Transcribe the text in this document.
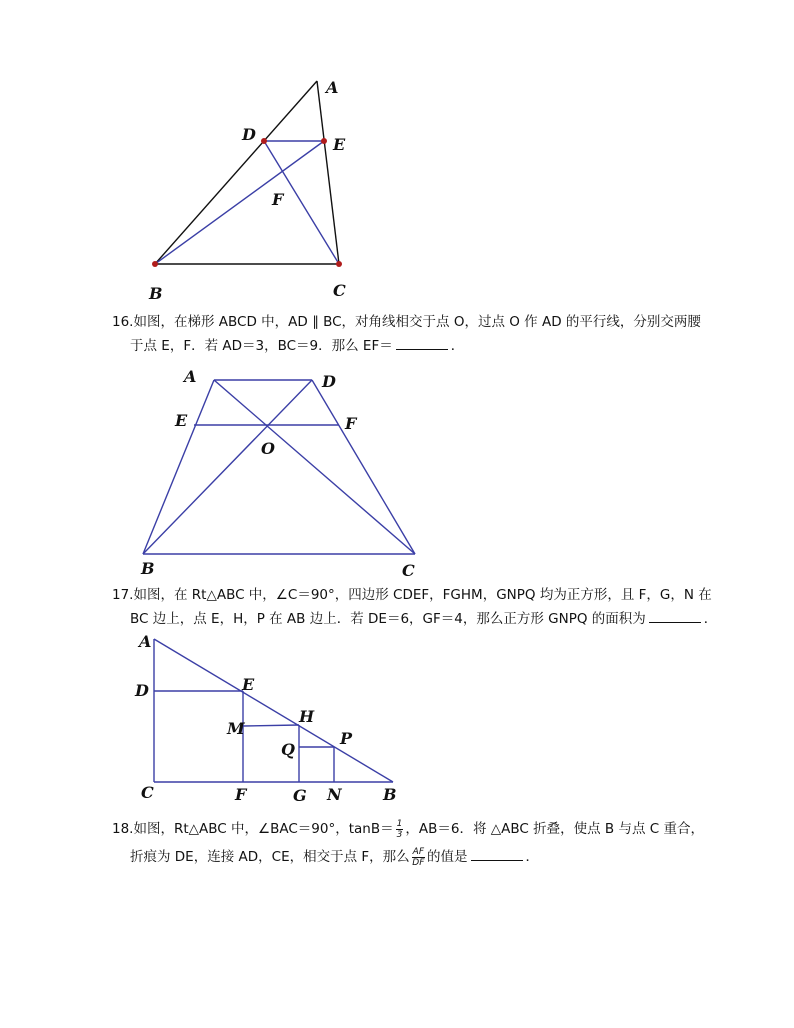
A
D
E
F
B	C
16.如图，在梯形 ABCD 中，AD ∥ BC，对角线相交于点 O，过点 O 作 AD 的平行线，分别交两腰
于点 E，F．若 AD＝3，BC＝9．那么 EF＝	．
A	D
E	F
O
B	C
17.如图，在 Rt△ABC 中，∠C＝90°，四边形 CDEF，FGHM，GNPQ 均为正方形，且 F，G，N 在
BC 边上，点 E，H，P 在 AB 边上．若 DE＝6，GF＝4，那么正方形 GNPQ 的面积为	．
A
D	E
M
H
Q
P
C	F	G N	B
18.如图，Rt△ABC 中，∠BAC＝90°，$\tan B= \frac{1}{3}$ ，AB＝6．将 △ABC 折叠，使点 B 与点 C 重合，
折痕为 DE，连接 AD，CE，相交于点 F，那么 $\frac{AF}{DF}$ 的值是	．
